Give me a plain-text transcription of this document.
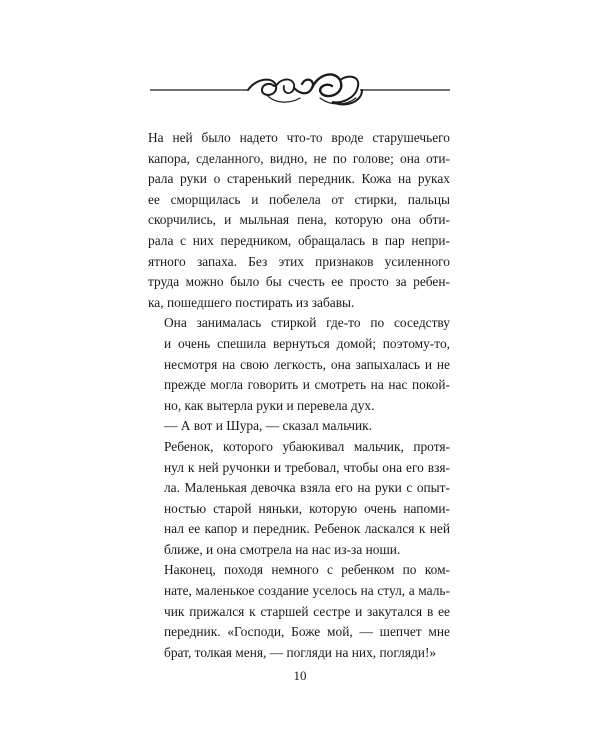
На ней было надето что-то вроде старушечьего
капора, сделанного, видно, не по голове; она оти-
рала руки о старенький передник. Кожа на руках
ее сморщилась и побелела от стирки, пальцы
скорчились, и мыльная пена, которую она обти-
рала с них передником, обращалась в пар непри-
ятного запаха. Без этих признаков усиленного
труда можно было бы счесть ее просто за ребен-
ка, пошедшего постирать из забавы.

Она занималась стиркой где-то по соседству
и очень спешила вернуться домой; поэтому-то,
несмотря на свою легкость, она запыхалась и не
прежде могла говорить и смотреть на нас покой-
но, как вытерла руки и перевела дух.

— А вот и Шура, — сказал мальчик.

Ребенок, которого убаюкивал мальчик, протя-
нул к ней ручонки и требовал, чтобы она его взя-
ла. Маленькая девочка взяла его на руки с опыт-
ностью старой няньки, которую очень напоми-
нал ее капор и передник. Ребенок ласкался к ней
ближе, и она смотрела на нас из-за ноши.

Наконец, походя немного с ребенком по ком-
нате, маленькое создание уселось на стул, а маль-
чик прижался к старшей сестре и закутался в ее
передник. «Господи, Боже мой, — шепчет мне
брат, толкая меня, — погляди на них, погляди!»

10
